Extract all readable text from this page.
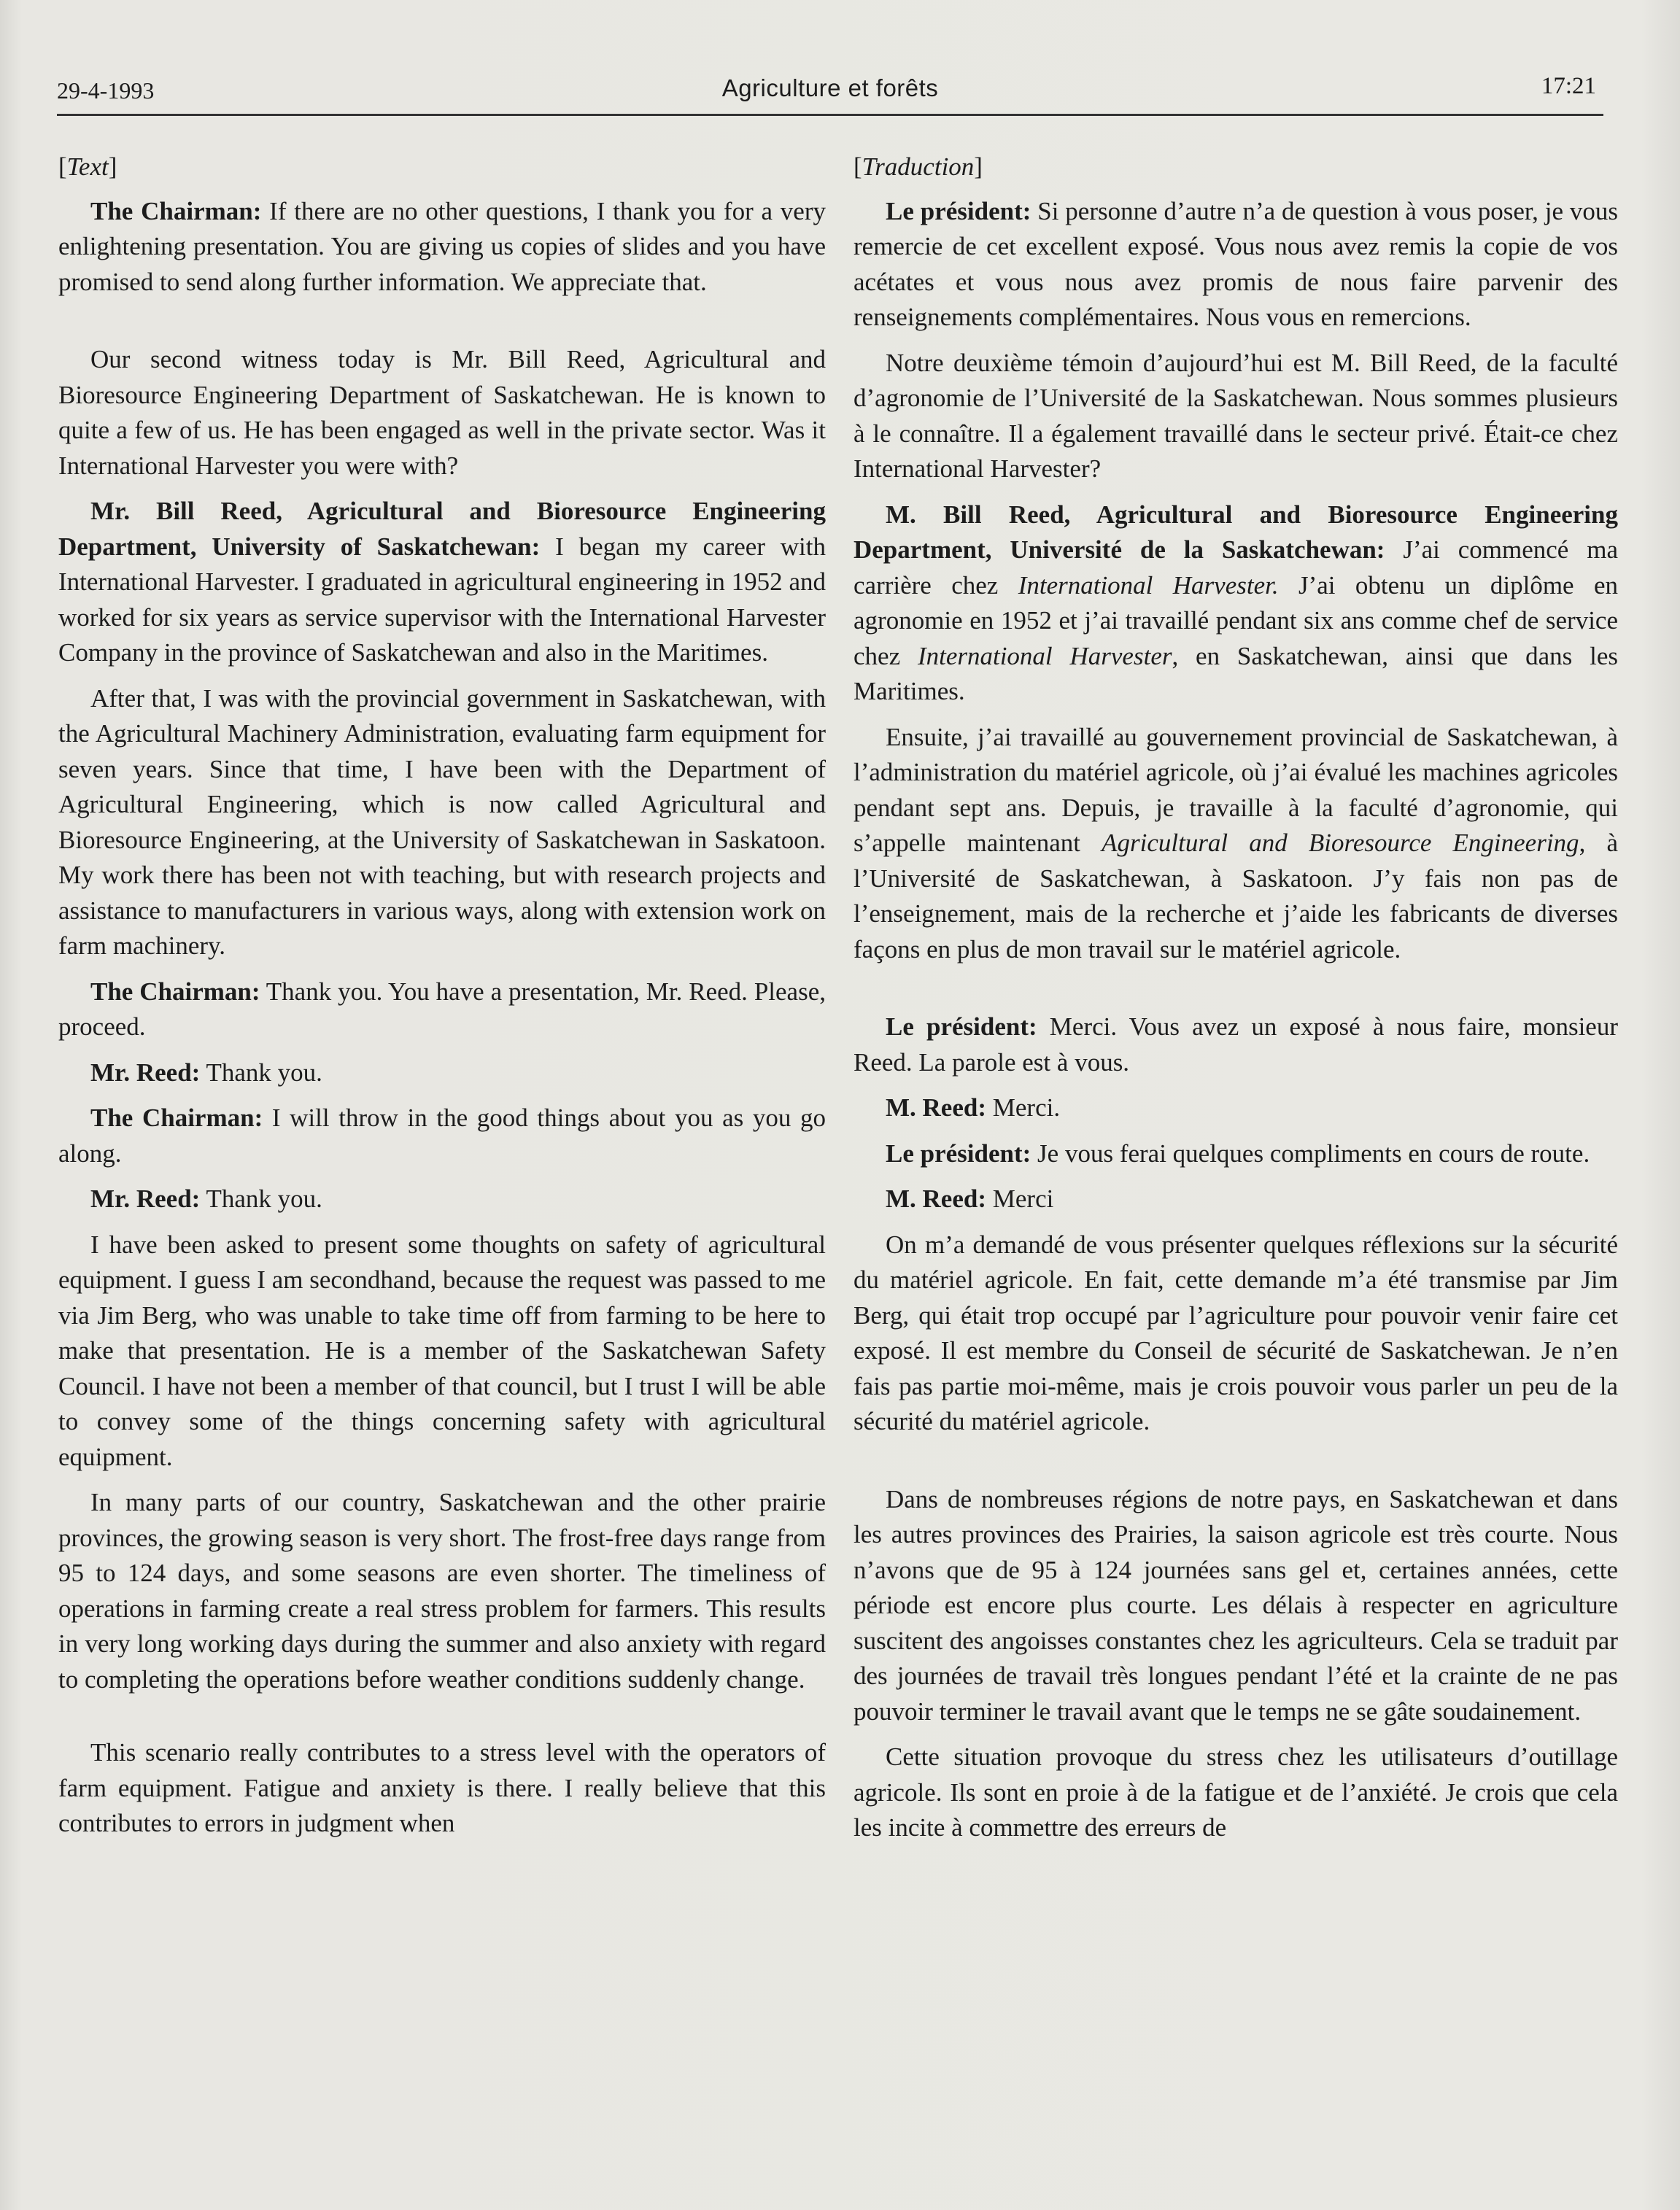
29-4-1993	Agriculture et forêts	17:21

[Text]

The Chairman: If there are no other questions, I thank you for a very enlightening presentation. You are giving us copies of slides and you have promised to send along further information. We appreciate that.

Our second witness today is Mr. Bill Reed, Agricultural and Bioresource Engineering Department of Saskatchewan. He is known to quite a few of us. He has been engaged as well in the private sector. Was it International Harvester you were with?

Mr. Bill Reed, Agricultural and Bioresource Engineering Department, University of Saskatchewan: I began my career with International Harvester. I graduated in agricultural engineering in 1952 and worked for six years as service supervisor with the International Harvester Company in the province of Saskatchewan and also in the Maritimes.

After that, I was with the provincial government in Saskatchewan, with the Agricultural Machinery Administration, evaluating farm equipment for seven years. Since that time, I have been with the Department of Agricultural Engineering, which is now called Agricultural and Bioresource Engineering, at the University of Saskatchewan in Saskatoon. My work there has been not with teaching, but with research projects and assistance to manufacturers in various ways, along with extension work on farm machinery.

The Chairman: Thank you. You have a presentation, Mr. Reed. Please, proceed.

Mr. Reed: Thank you.

The Chairman: I will throw in the good things about you as you go along.

Mr. Reed: Thank you.

I have been asked to present some thoughts on safety of agricultural equipment. I guess I am secondhand, because the request was passed to me via Jim Berg, who was unable to take time off from farming to be here to make that presentation. He is a member of the Saskatchewan Safety Council. I have not been a member of that council, but I trust I will be able to convey some of the things concerning safety with agricultural equipment.

In many parts of our country, Saskatchewan and the other prairie provinces, the growing season is very short. The frost-free days range from 95 to 124 days, and some seasons are even shorter. The timeliness of operations in farming create a real stress problem for farmers. This results in very long working days during the summer and also anxiety with regard to completing the operations before weather conditions suddenly change.

This scenario really contributes to a stress level with the operators of farm equipment. Fatigue and anxiety is there. I really believe that this contributes to errors in judgment when

[Traduction]

Le président: Si personne d’autre n’a de question à vous poser, je vous remercie de cet excellent exposé. Vous nous avez remis la copie de vos acétates et vous nous avez promis de nous faire parvenir des renseignements complémentaires. Nous vous en remercions.

Notre deuxième témoin d’aujourd’hui est M. Bill Reed, de la faculté d’agronomie de l’Université de la Saskatchewan. Nous sommes plusieurs à le connaître. Il a également travaillé dans le secteur privé. Était-ce chez International Harvester?

M. Bill Reed, Agricultural and Bioresource Engineering Department, Université de la Saskatchewan: J’ai commencé ma carrière chez International Harvester. J’ai obtenu un diplôme en agronomie en 1952 et j’ai travaillé pendant six ans comme chef de service chez International Harvester, en Saskatchewan, ainsi que dans les Maritimes.

Ensuite, j’ai travaillé au gouvernement provincial de Saskatchewan, à l’administration du matériel agricole, où j’ai évalué les machines agricoles pendant sept ans. Depuis, je travaille à la faculté d’agronomie, qui s’appelle maintenant Agricultural and Bioresource Engineering, à l’Université de Saskatchewan, à Saskatoon. J’y fais non pas de l’enseignement, mais de la recherche et j’aide les fabricants de diverses façons en plus de mon travail sur le matériel agricole.

Le président: Merci. Vous avez un exposé à nous faire, monsieur Reed. La parole est à vous.

M. Reed: Merci.

Le président: Je vous ferai quelques compliments en cours de route.

M. Reed: Merci

On m’a demandé de vous présenter quelques réflexions sur la sécurité du matériel agricole. En fait, cette demande m’a été transmise par Jim Berg, qui était trop occupé par l’agriculture pour pouvoir venir faire cet exposé. Il est membre du Conseil de sécurité de Saskatchewan. Je n’en fais pas partie moi-même, mais je crois pouvoir vous parler un peu de la sécurité du matériel agricole.

Dans de nombreuses régions de notre pays, en Saskatchewan et dans les autres provinces des Prairies, la saison agricole est très courte. Nous n’avons que de 95 à 124 journées sans gel et, certaines années, cette période est encore plus courte. Les délais à respecter en agriculture suscitent des angoisses constantes chez les agriculteurs. Cela se traduit par des journées de travail très longues pendant l’été et la crainte de ne pas pouvoir terminer le travail avant que le temps ne se gâte soudainement.

Cette situation provoque du stress chez les utilisateurs d’outillage agricole. Ils sont en proie à de la fatigue et de l’anxiété. Je crois que cela les incite à commettre des erreurs de
